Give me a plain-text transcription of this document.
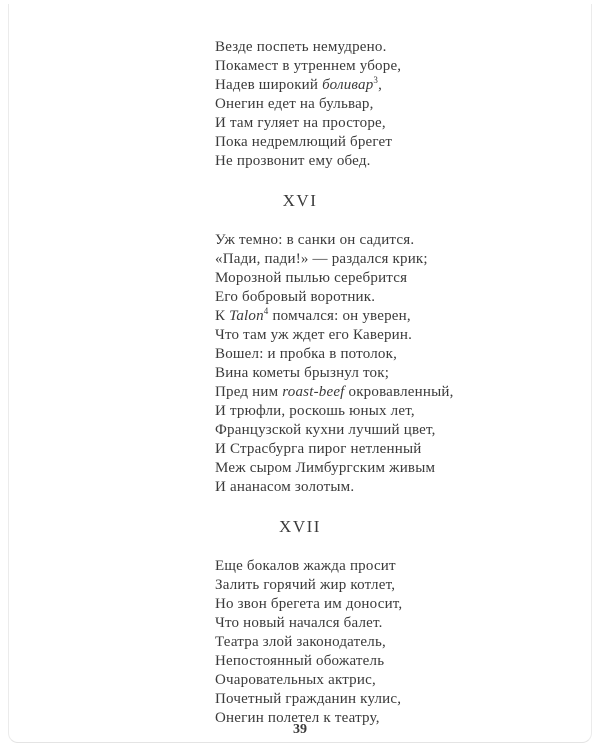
Везде поспеть немудрено.
Покамест в утреннем уборе,
Надев широкий боливар$^3$,
Онегин едет на бульвар,
И там гуляет на просторе,
Пока недремлющий брегет
Не прозвонит ему обед.
XVI
Уж темно: в санки он садится.
«Пади, пади!» — раздался крик;
Морозной пылью серебрится
Его бобровый воротник.
К Talon$^4$ помчался: он уверен,
Что там уж ждет его Каверин.
Вошел: и пробка в потолок,
Вина кометы брызнул ток;
Пред ним roast-beef окровавленный,
И трюфли, роскошь юных лет,
Французской кухни лучший цвет,
И Страсбурга пирог нетленный
Меж сыром Лимбургским живым
И ананасом золотым.
XVII
Еще бокалов жажда просит
Залить горячий жир котлет,
Но звон брегета им доносит,
Что новый начался балет.
Театра злой законодатель,
Непостоянный обожатель
Очаровательных актрис,
Почетный гражданин кулис,
Онегин полетел к театру,
39
